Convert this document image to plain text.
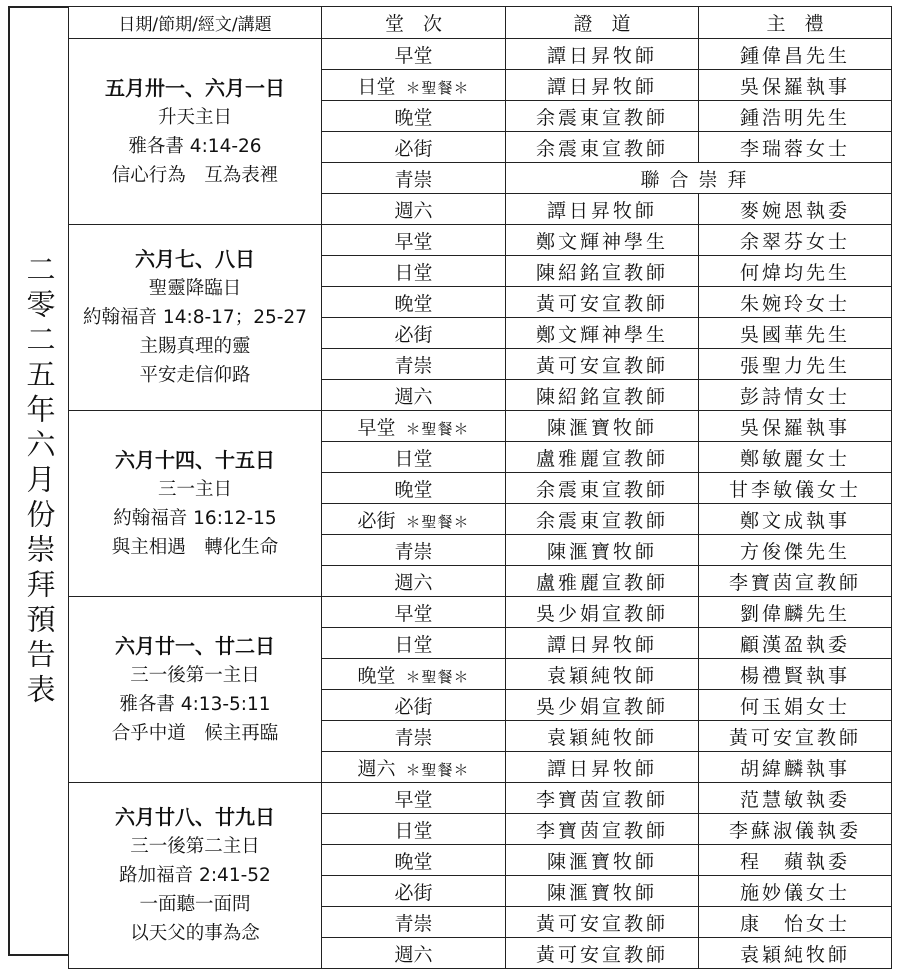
二零二五年六月份崇拜預告表
日期/節期/經文/講題	堂　次	證　道	主　禮

五月卅一、六月一日
升天主日
雅各書 4:14-26
信心行為　互為表裡	早堂	譚日昇牧師	鍾偉昌先生
	日堂 ＊聖餐＊	譚日昇牧師	吳保羅執事
	晚堂	余震東宣教師	鍾浩明先生
	必街	余震東宣教師	李瑞蓉女士
	青崇	聯合崇拜	
	週六	譚日昇牧師	麥婉恩執委

六月七、八日
聖靈降臨日
約翰福音 14:8-17；25-27
主賜真理的靈
平安走信仰路	早堂	鄭文輝神學生	余翠芬女士
	日堂	陳紹銘宣教師	何煒均先生
	晚堂	黃可安宣教師	朱婉玲女士
	必街	鄭文輝神學生	吳國華先生
	青崇	黃可安宣教師	張聖力先生
	週六	陳紹銘宣教師	彭詩情女士

六月十四、十五日
三一主日
約翰福音 16:12-15
與主相遇　轉化生命	早堂 ＊聖餐＊	陳滙寶牧師	吳保羅執事
	日堂	盧雅麗宣教師	鄭敏麗女士
	晚堂	余震東宣教師	甘李敏儀女士
	必街 ＊聖餐＊	余震東宣教師	鄭文成執事
	青崇	陳滙寶牧師	方俊傑先生
	週六	盧雅麗宣教師	李寶茵宣教師

六月廿一、廿二日
三一後第一主日
雅各書 4:13-5:11
合乎中道　候主再臨	早堂	吳少娟宣教師	劉偉麟先生
	日堂	譚日昇牧師	顧漢盈執委
	晚堂 ＊聖餐＊	袁穎純牧師	楊禮賢執事
	必街	吳少娟宣教師	何玉娟女士
	青崇	袁穎純牧師	黃可安宣教師
	週六 ＊聖餐＊	譚日昇牧師	胡緯麟執事

六月廿八、廿九日
三一後第二主日
路加福音 2:41-52
一面聽一面問
以天父的事為念	早堂	李寶茵宣教師	范慧敏執委
	日堂	李寶茵宣教師	李蘇淑儀執委
	晚堂	陳滙寶牧師	程　蘋執委
	必街	陳滙寶牧師	施妙儀女士
	青崇	黃可安宣教師	康　怡女士
	週六	黃可安宣教師	袁穎純牧師
